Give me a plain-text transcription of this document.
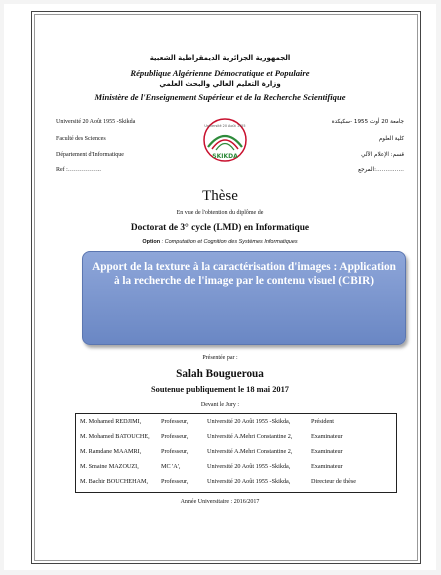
الجمهورية الجزائرية الديمقراطية الشعبية
République Algérienne Démocratique et Populaire
وزارة التعليم العالي والبحث العلمي
Ministère de l'Enseignement Supérieur et de la Recherche Scientifique
Université 20 Août 1955 -Skikda
Faculté des Sciences
Département d'Informatique
Ref :……………..
جامعة 20 أوت 1955 -سكيكدة
كلية العلوم
قسم: الإعلام الآلي
المرجع:……………
Université 20 Août 1955
SKIKDA
Thèse
En vue de l'obtention du diplôme de
Doctorat de 3° cycle (LMD) en Informatique
Option : Computation et Cognition des Systèmes Informatiques
Apport de la texture à la caractérisation d'images : Application à la recherche de l'image par le contenu visuel (CBIR)
Présentée par :
Salah Bougueroua
Soutenue publiquement le 18 mai 2017
Devant le Jury :
M. Mohamed REDJIMI,	Professeur,	Université 20 Août 1955 -Skikda,	Président
M. Mohamed BATOUCHE, Professeur,	Université A.Mehri Constantine 2,	Examinateur
M. Ramdane MAAMRI,	Professeur,	Université A.Mehri Constantine 2,	Examinateur
M. Smaine MAZOUZI,	MC 'A',	Université 20 Août 1955 -Skikda,	Examinateur
M. Bachir BOUCHEHAM, Professeur,	Université 20 Août 1955 -Skikda,	Directeur de thèse
Année Universitaire : 2016/2017
